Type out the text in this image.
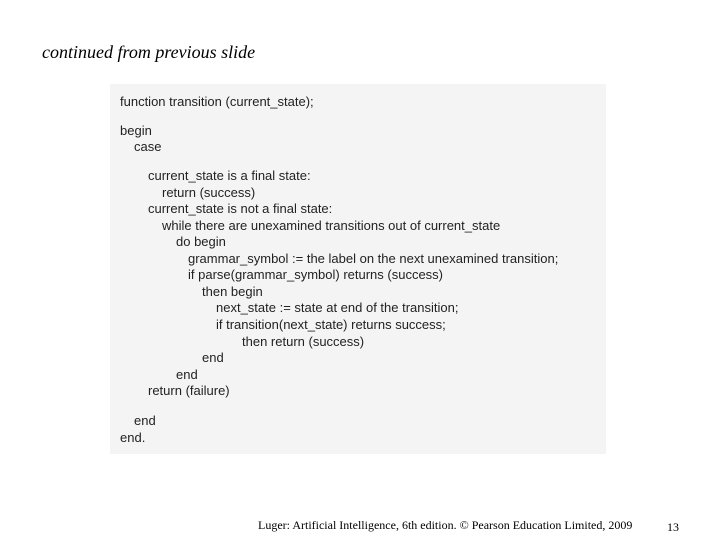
continued from previous slide
function transition (current_state);
begin
case
current_state is a final state:
return (success)
current_state is not a final state:
while there are unexamined transitions out of current_state
do begin
grammar_symbol := the label on the next unexamined transition;
if parse(grammar_symbol) returns (success)
then begin
next_state := state at end of the transition;
if transition(next_state) returns success;
then return (success)
end
end
return (failure)
end
end.
Luger: Artificial Intelligence, 6th edition. © Pearson Education Limited, 2009	13
